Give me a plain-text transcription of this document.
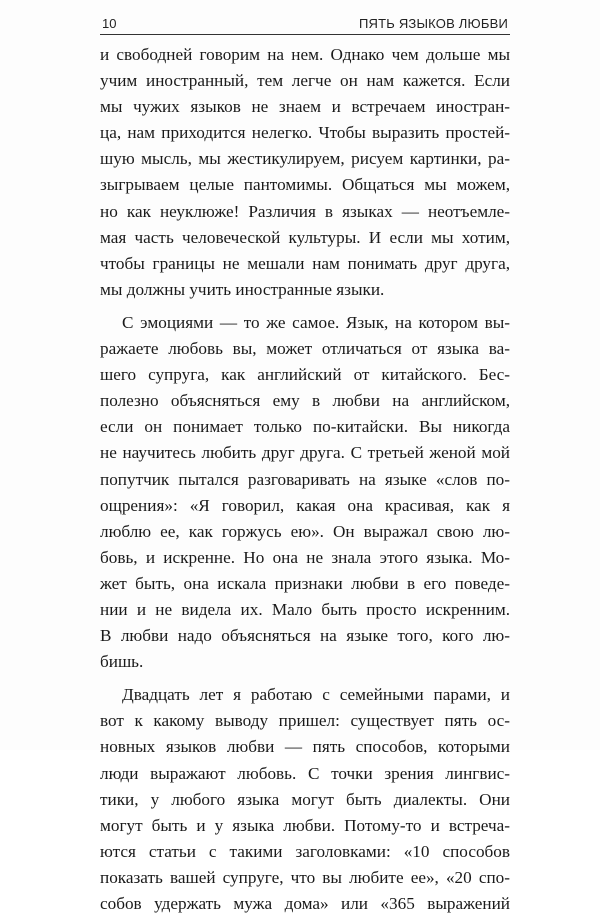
10	ПЯТЬ ЯЗЫКОВ ЛЮБВИ
и свободней говорим на нем. Однако чем дольше мы
учим иностранный, тем легче он нам кажется. Если
мы чужих языков не знаем и встречаем иностран-
ца, нам приходится нелегко. Чтобы выразить простей-
шую мысль, мы жестикулируем, рисуем картинки, ра-
зыгрываем целые пантомимы. Общаться мы можем,
но как неуклюже! Различия в языках — неотъемле-
мая часть человеческой культуры. И если мы хотим,
чтобы границы не мешали нам понимать друг друга,
мы должны учить иностранные языки.
С эмоциями — то же самое. Язык, на котором вы-
ражаете любовь вы, может отличаться от языка ва-
шего супруга, как английский от китайского. Бес-
полезно объясняться ему в любви на английском,
если он понимает только по-китайски. Вы никогда
не научитесь любить друг друга. С третьей женой мой
попутчик пытался разговаривать на языке «слов по-
ощрения»: «Я говорил, какая она красивая, как я
люблю ее, как горжусь ею». Он выражал свою лю-
бовь, и искренне. Но она не знала этого языка. Мо-
жет быть, она искала признаки любви в его поведе-
нии и не видела их. Мало быть просто искренним.
В любви надо объясняться на языке того, кого лю-
бишь.
Двадцать лет я работаю с семейными парами, и
вот к какому выводу пришел: существует пять ос-
новных языков любви — пять способов, которыми
люди выражают любовь. С точки зрения лингвис-
тики, у любого языка могут быть диалекты. Они
могут быть и у языка любви. Потому-то и встреча-
ются статьи с такими заголовками: «10 способов
показать вашей супруге, что вы любите ее», «20 спо-
собов удержать мужа дома» или «365 выражений
